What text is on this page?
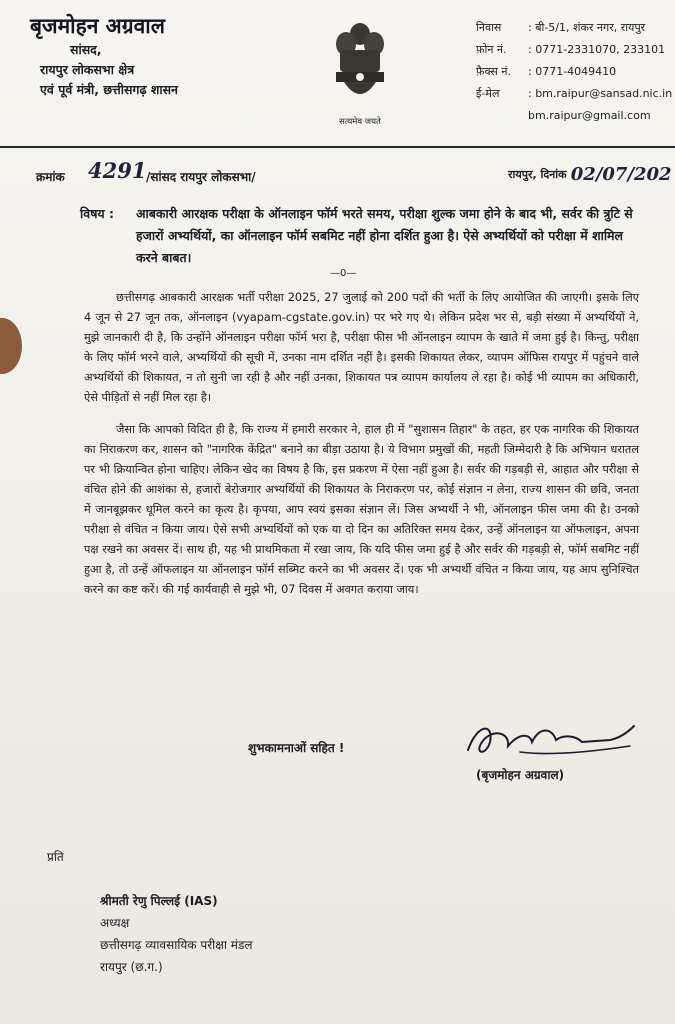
बृजमोहन अग्रवाल
सांसद,
रायपुर लोकसभा क्षेत्र
एवं पूर्व मंत्री, छत्तीसगढ़ शासन
सत्यमेव जयते
निवास : बी-5/1, शंकर नगर, रायपुर
फ़ोन नं. : 0771-2331070, 233101
फ़ैक्स नं. : 0771-4049410
ई-मेल	: bm.raipur@sansad.nic.in
bm.raipur@gmail.com
क्रमांक 4291 /सांसद रायपुर लोकसभा/	रायपुर, दिनांक 02/07/202
विषय : आबकारी आरक्षक परीक्षा के ऑनलाइन फॉर्म भरते समय, परीक्षा शुल्क जमा होने के बाद भी, सर्वर की त्रुटि से हजारों अभ्यर्थियों, का ऑनलाइन फॉर्म सबमिट नहीं होना दर्शित हुआ है। ऐसे अभ्यर्थियों को परीक्षा में शामिल करने बाबत।
—0—

छत्तीसगढ़ आबकारी आरक्षक भर्ती परीक्षा 2025, 27 जुलाई को 200 पदों की भर्ती के लिए आयोजित की जाएगी। इसके लिए 4 जून से 27 जून तक, ऑनलाइन (vyapam-cgstate.gov.in) पर भरे गए थे। लेकिन प्रदेश भर से, बड़ी संख्या में अभ्यर्थियों ने, मुझे जानकारी दी है, कि उन्होंने ऑनलाइन परीक्षा फॉर्म भरा है, परीक्षा फीस भी ऑनलाइन व्यापम के खाते में जमा हुई है। किन्तु, परीक्षा के लिए फॉर्म भरने वाले, अभ्यर्थियों की सूची में, उनका नाम दर्शित नहीं है। इसकी शिकायत लेकर, व्यापम ऑफिस रायपुर में पहुंचने वाले अभ्यर्थियों की शिकायत, न तो सुनी जा रही है और नहीं उनका, शिकायत पत्र व्यापम कार्यालय ले रहा है। कोई भी व्यापम का अधिकारी, ऐसे पीड़ितों से नहीं मिल रहा है।

जैसा कि आपको विदित ही है, कि राज्य में हमारी सरकार ने, हाल ही में "सुशासन तिहार" के तहत, हर एक नागरिक की शिकायत का निराकरण कर, शासन को "नागरिक केंद्रित" बनाने का बीड़ा उठाया है। ये विभाग प्रमुखों की, महती जिम्मेदारी है कि अभियान धरातल पर भी क्रियान्वित होना चाहिए। लेकिन खेद का विषय है कि, इस प्रकरण में ऐसा नहीं हुआ है। सर्वर की गड़बड़ी से, आहात और परीक्षा से वंचित होने की आशंका से, हजारों बेरोजगार अभ्यर्थियों की शिकायत के निराकरण पर, कोई संज्ञान न लेना, राज्य शासन की छवि, जनता में जानबूझकर धूमिल करने का कृत्य है। कृपया, आप स्वयं इसका संज्ञान लें। जिस अभ्यर्थी ने भी, ऑनलाइन फीस जमा की है। उनको परीक्षा से वंचित न किया जाय। ऐसे सभी अभ्यर्थियों को एक या दो दिन का अतिरिक्त समय देकर, उन्हें ऑनलाइन या ऑफलाइन, अपना पक्ष रखने का अवसर दें। साथ ही, यह भी प्राथमिकता में रखा जाय, कि यदि फीस जमा हुई है और सर्वर की गड़बड़ी से, फॉर्म सबमिट नहीं हुआ है, तो उन्हें ऑफलाइन या ऑनलाइन फॉर्म सब्मिट करने का भी अवसर दें। एक भी अभ्यर्थी वंचित न किया जाय, यह आप सुनिश्चित करने का कष्ट करें। की गई कार्यवाही से मुझे भी, 07 दिवस में अवगत कराया जाय।

शुभकामनाओं सहित !
(बृजमोहन अग्रवाल)
प्रति
श्रीमती रेणु पिल्लई (IAS)
अध्यक्ष
छत्तीसगढ़ व्यावसायिक परीक्षा मंडल
रायपुर (छ.ग.)
